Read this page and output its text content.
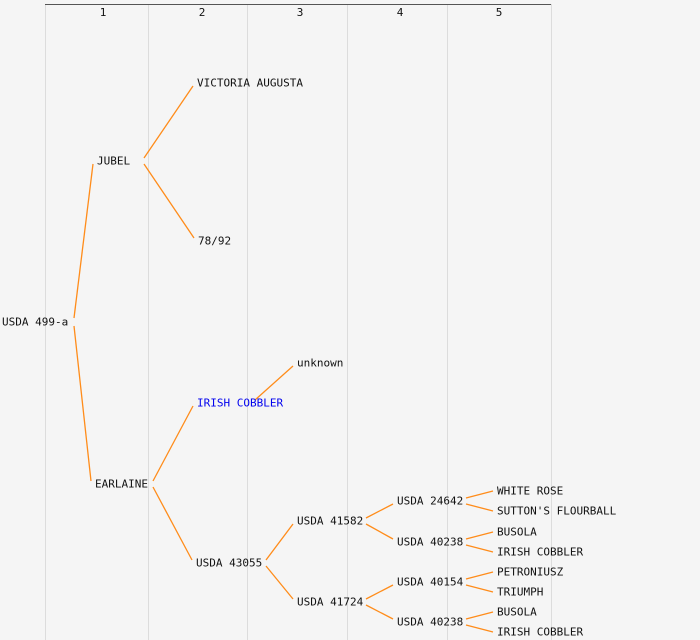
1	2	3	4	5
USDA 499-a
JUBEL
EARLAINE
VICTORIA AUGUSTA
78/92
IRISH COBBLER
USDA 43055
unknown
USDA 41582
USDA 41724
USDA 24642
USDA 40238
USDA 40154
USDA 40238
WHITE ROSE
SUTTON'S FLOURBALL
BUSOLA
IRISH COBBLER
PETRONIUSZ
TRIUMPH
BUSOLA
IRISH COBBLER
